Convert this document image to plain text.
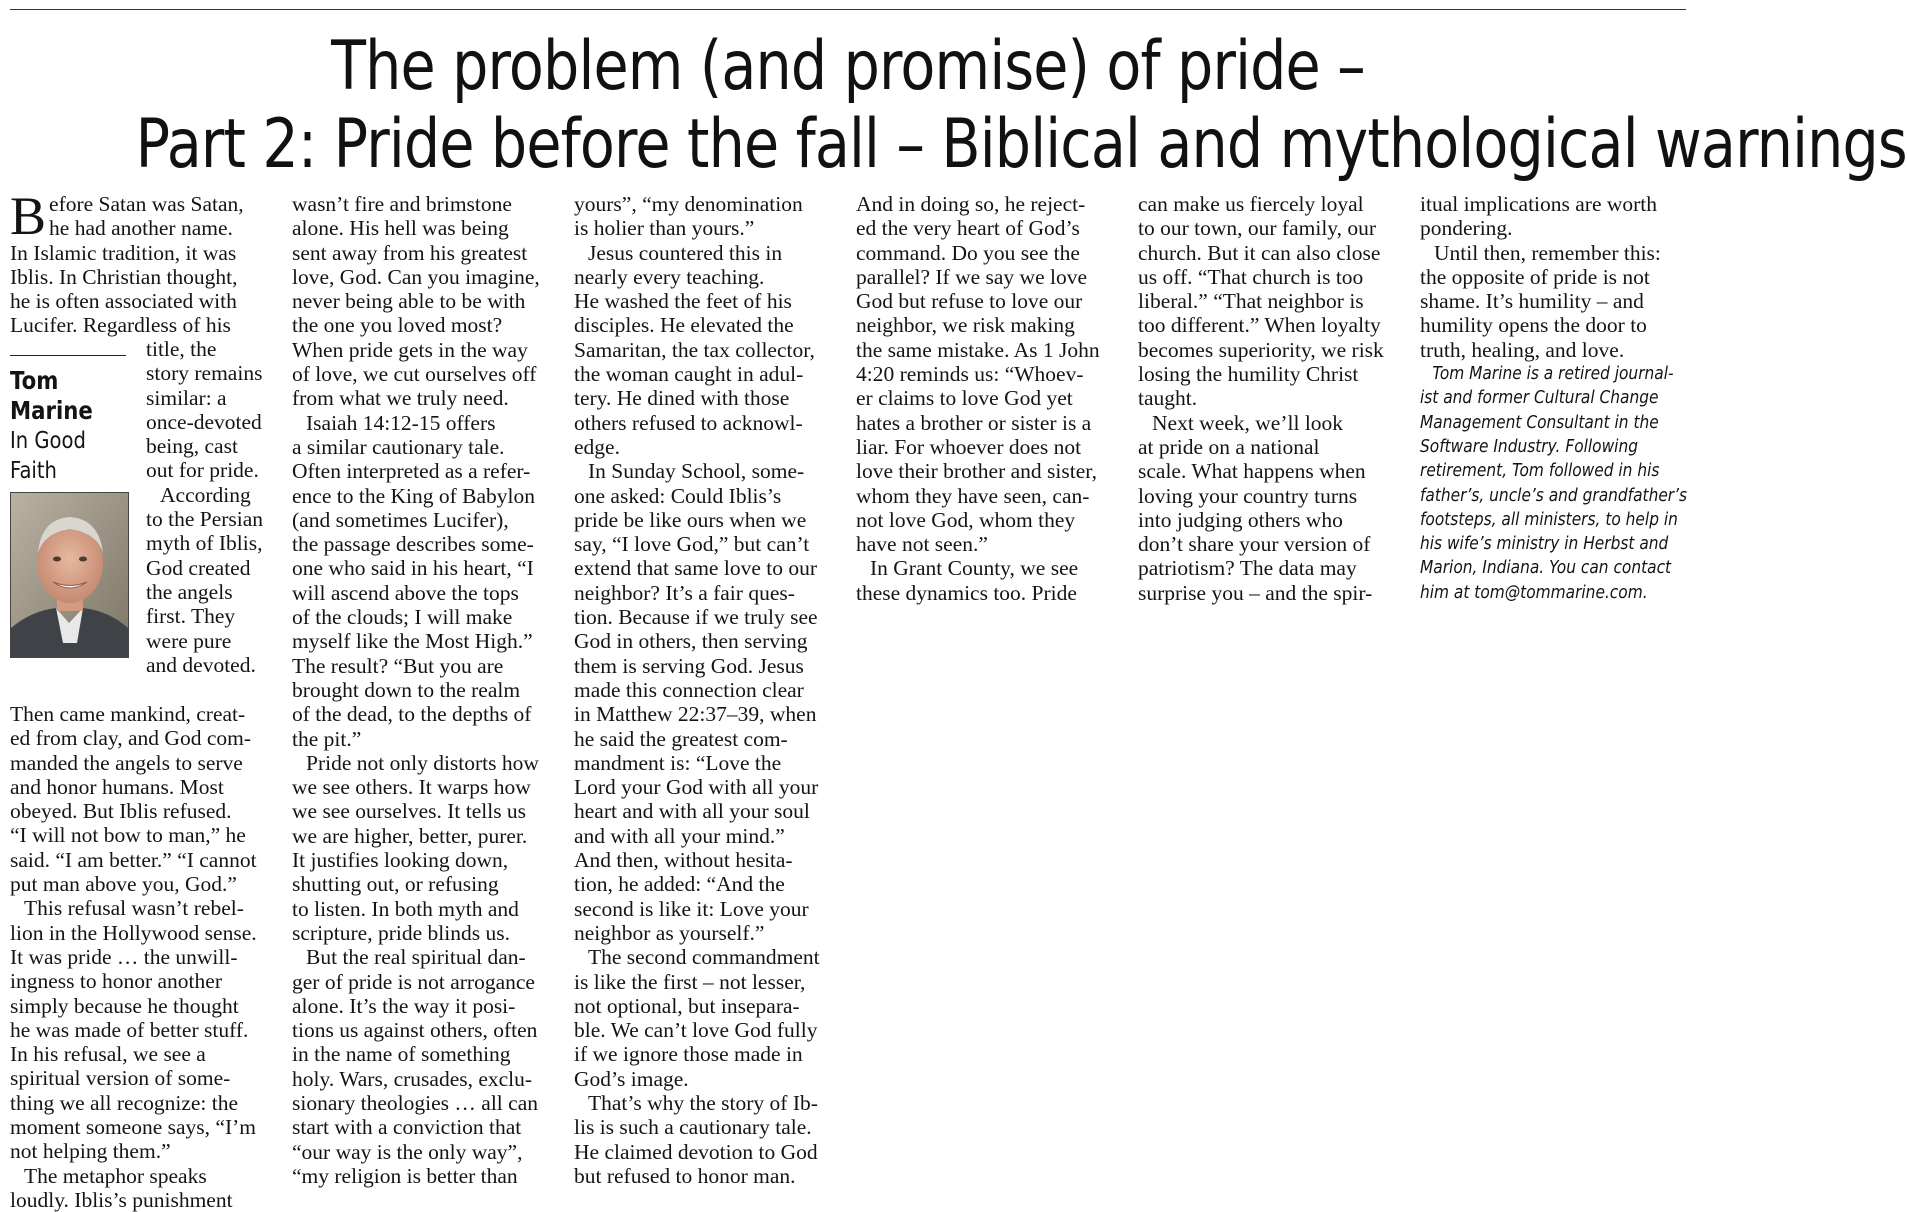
The problem (and promise) of pride –
Part 2: Pride before the fall – Biblical and mythological warnings
B efore Satan was Satan,

he had another name.

In Islamic tradition, it was

Iblis. In Christian thought,

he is often associated with

Lucifer. Regardless of his

Tom
Marine
In Good
Faith

title, the

story remains

similar: a

once-devoted

being, cast

out for pride.

According

to the Persian

myth of Iblis,

God created

the angels

first. They

were pure

and devoted.

Then came mankind, creat-

ed from clay, and God com-

manded the angels to serve

and honor humans. Most

obeyed. But Iblis refused.

“I will not bow to man,” he

said. “I am better.” “I cannot

put man above you, God.”

This refusal wasn’t rebel-

lion in the Hollywood sense.

It was pride … the unwill-

ingness to honor another

simply because he thought

he was made of better stuff.

In his refusal, we see a

spiritual version of some-

thing we all recognize: the

moment someone says, “I’m

not helping them.”

The metaphor speaks

loudly. Iblis’s punishment

wasn’t fire and brimstone

alone. His hell was being

sent away from his greatest

love, God. Can you imagine,

never being able to be with

the one you loved most?

When pride gets in the way

of love, we cut ourselves off

from what we truly need.

Isaiah 14:12-15 offers

a similar cautionary tale.

Often interpreted as a refer-

ence to the King of Babylon

(and sometimes Lucifer),

the passage describes some-

one who said in his heart, “I

will ascend above the tops

of the clouds; I will make

myself like the Most High.”

The result? “But you are

brought down to the realm

of the dead, to the depths of

the pit.”

Pride not only distorts how

we see others. It warps how

we see ourselves. It tells us

we are higher, better, purer.

It justifies looking down,

shutting out, or refusing

to listen. In both myth and

scripture, pride blinds us.

But the real spiritual dan-

ger of pride is not arrogance

alone. It’s the way it posi-

tions us against others, often

in the name of something

holy. Wars, crusades, exclu-

sionary theologies … all can

start with a conviction that

“our way is the only way”,

“my religion is better than

yours”, “my denomination

is holier than yours.”

Jesus countered this in

nearly every teaching.

He washed the feet of his

disciples. He elevated the

Samaritan, the tax collector,

the woman caught in adul-

tery. He dined with those

others refused to acknowl-

edge.

In Sunday School, some-

one asked: Could Iblis’s

pride be like ours when we

say, “I love God,” but can’t

extend that same love to our

neighbor? It’s a fair ques-

tion. Because if we truly see

God in others, then serving

them is serving God. Jesus

made this connection clear

in Matthew 22:37–39, when

he said the greatest com-

mandment is: “Love the

Lord your God with all your

heart and with all your soul

and with all your mind.”

And then, without hesita-

tion, he added: “And the

second is like it: Love your

neighbor as yourself.”

The second commandment

is like the first – not lesser,

not optional, but insepara-

ble. We can’t love God fully

if we ignore those made in

God’s image.

That’s why the story of Ib-

lis is such a cautionary tale.

He claimed devotion to God

but refused to honor man.

And in doing so, he reject-

ed the very heart of God’s

command. Do you see the

parallel? If we say we love

God but refuse to love our

neighbor, we risk making

the same mistake. As 1 John

4:20 reminds us: “Whoev-

er claims to love God yet

hates a brother or sister is a

liar. For whoever does not

love their brother and sister,

whom they have seen, can-

not love God, whom they

have not seen.”

In Grant County, we see

these dynamics too. Pride

can make us fiercely loyal

to our town, our family, our

church. But it can also close

us off. “That church is too

liberal.” “That neighbor is

too different.” When loyalty

becomes superiority, we risk

losing the humility Christ

taught.

Next week, we’ll look

at pride on a national

scale. What happens when

loving your country turns

into judging others who

don’t share your version of

patriotism? The data may

surprise you – and the spir-

itual implications are worth

pondering.

Until then, remember this:

the opposite of pride is not

shame. It’s humility – and

humility opens the door to

truth, healing, and love.

Tom Marine is a retired journal-

ist and former Cultural Change

Management Consultant in the

Software Industry. Following

retirement, Tom followed in his

father’s, uncle’s and grandfather’s

footsteps, all ministers, to help in

his wife’s ministry in Herbst and

Marion, Indiana. You can contact

him at tom@tommarine.com.
